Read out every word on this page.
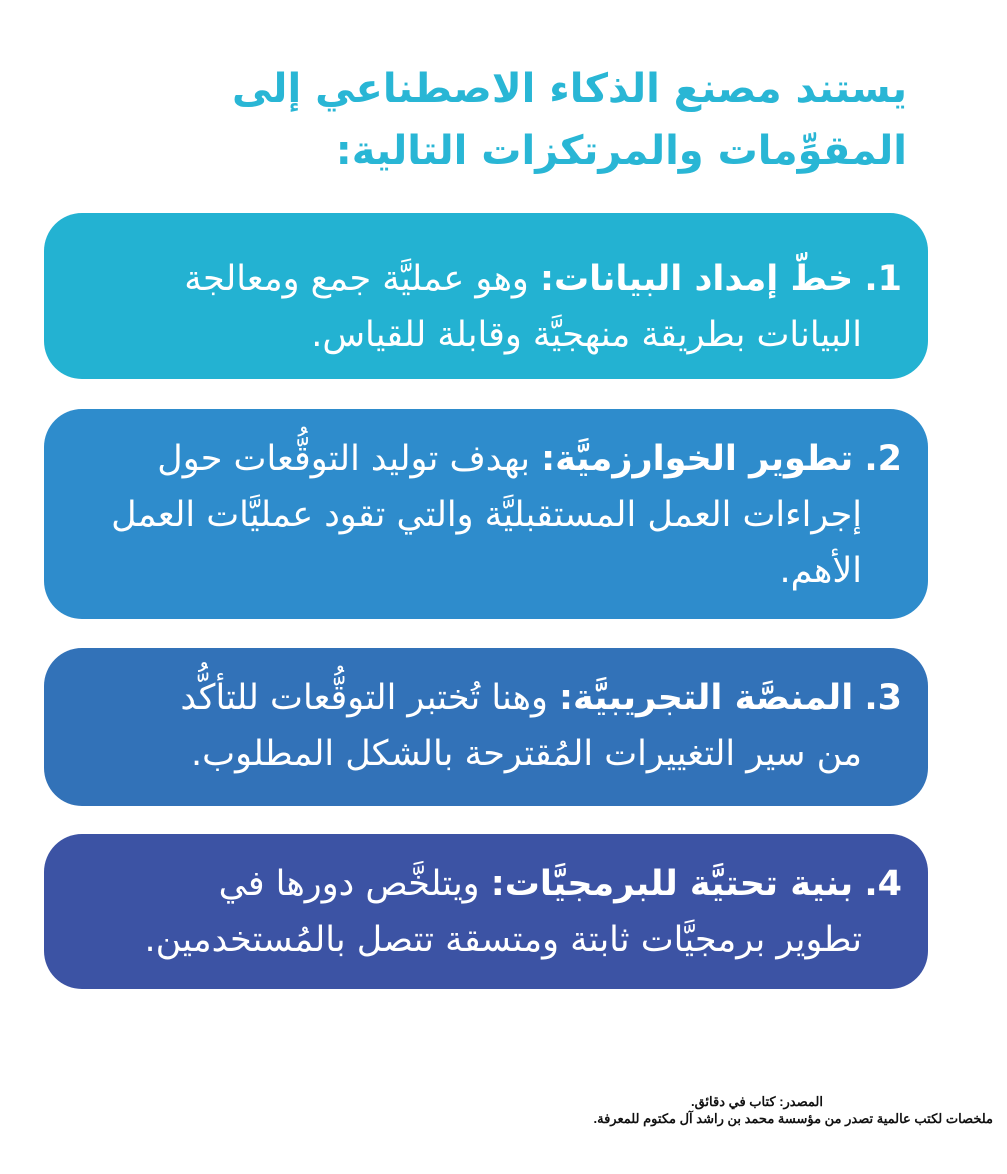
يستند مصنع الذكاء الاصطناعي إلى المقوِّمات والمرتكزات التالية:

1. خطّ إمداد البيانات: وهو عمليَّة جمع ومعالجة
البيانات بطريقة منهجيَّة وقابلة للقياس.

2. تطوير الخوارزميَّة: بهدف توليد التوقُّعات حول
إجراءات العمل المستقبليَّة والتي تقود عمليَّات العمل الأهم.

3. المنصَّة التجريبيَّة: وهنا تُختبر التوقُّعات للتأكُّد
من سير التغييرات المُقترحة بالشكل المطلوب.

4. بنية تحتيَّة للبرمجيَّات: ويتلخَّص دورها في
تطوير برمجيَّات ثابتة ومتسقة تتصل بالمُستخدمين.

المصدر: كتاب في دقائق.
ملخصات لكتب عالمية تصدر من مؤسسة محمد بن راشد آل مكتوم للمعرفة.
